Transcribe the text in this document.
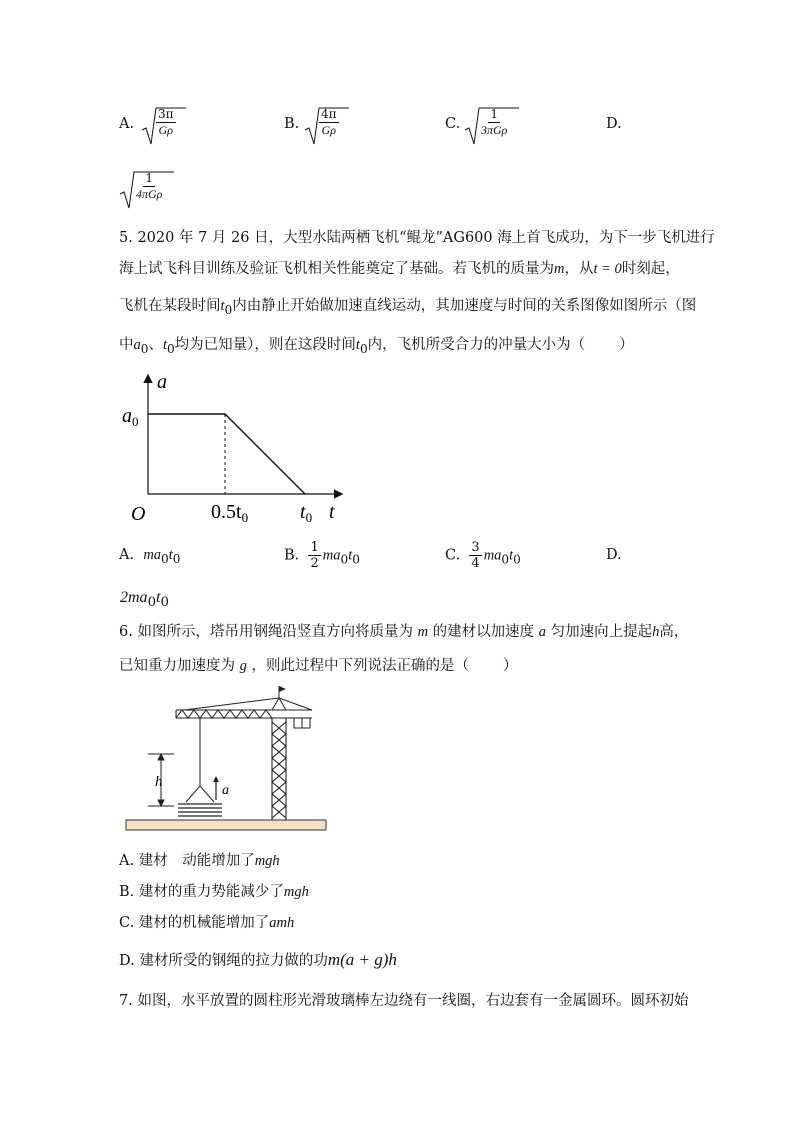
A. $\frac{3\pi}{G\rho}$	B. $\frac{4\pi}{G\rho}$	C.
1
3πGρ	D.
1
4πGρ
5. 2020 年 7 月 26 日，大型水陆两栖飞机“鲲龙”AG600 海上首飞成功，为下一步飞机进行
海上试飞科目训练及验证飞机相关性能奠定了基础。若飞机的质量为m，从t = 0时刻起，
飞机在某段时间$t_0$内由静止开始做加速直线运动，其加速度与时间的关系图像如图所示（图
中$a_0$、$t_0$均为已知量），则在这段时间$t_0$内，飞机所受合力的冲量大小为（ ）
a
t
O
$a_0$
$0.5t_0$	$t_0$
A. $ma_0t_0$	B. $\frac{1}{2} ma_0t_0$	C. $\frac{3}{4} ma_0t_0$	D.
$2ma_0t_0$
6. 如图所示，塔吊用钢绳沿竖直方向将质量为 m 的建材以加速度 a 匀加速向上提起h高，
已知重力加速度为 g ，则此过程中下列说法正确的是（ ）
h
a
A. 建材　动能增加了mgh
B. 建材的重力势能减少了mgh
C. 建材的机械能增加了amh
D. 建材所受的钢绳的拉力做的功m(a + g)h
7. 如图，水平放置的圆柱形光滑玻璃棒左边绕有一线圈，右边套有一金属圆环。圆环初始
